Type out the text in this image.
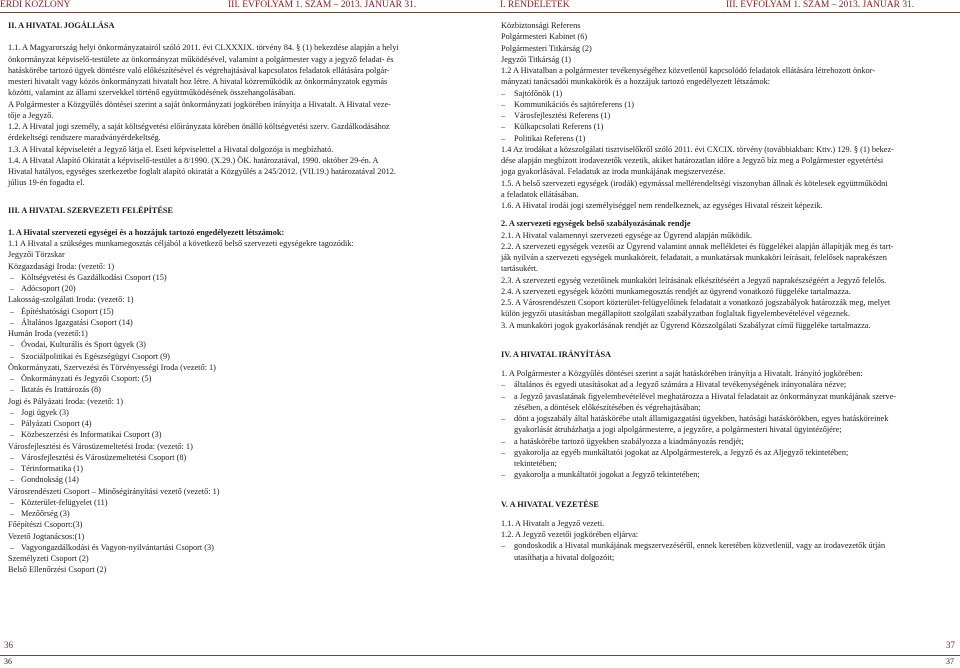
ÉRDI KÖZLÖNY	III. ÉVFOLYAM 1. SZÁM – 2013. JANUÁR 31.

II. A HIVATAL JOGÁLLÁSA

1.1. A Magyarország helyi önkormányzatairól szóló 2011. évi CLXXXIX. törvény 84. § (1) bekezdése alapján a helyi

önkormányzat képviselő-testülete az önkormányzat működésével, valamint a polgármester vagy a jegyző feladat- és

hatáskörébe tartozó ügyek döntésre való előkészítésével és végrehajtásával kapcsolatos feladatok ellátására polgár-

mesteri hivatalt vagy közös önkormányzati hivatalt hoz létre. A hivatal közreműködik az önkormányzatok egymás

közötti, valamint az állami szervekkel történő együttműködésének összehangolásában.

A Polgármester a Közgyűlés döntései szerint a saját önkormányzati jogkörében irányítja a Hivatalt. A Hivatal veze-

tője a Jegyző.

1.2. A Hivatal jogi személy, a saját költségvetési előirányzata körében önálló költségvetési szerv. Gazdálkodásához

érdekeltségi rendszere maradványérdekeltség.

1.3. A Hivatal képviseletét a Jegyző látja el. Eseti képviselettel a Hivatal dolgozója is megbízható.

1.4. A Hivatal Alapító Okiratát a képviselő-testület a 8/1990. (X.29.) ÖK. határozatával, 1990. október 29-én. A

Hivatal hatályos, egységes szerkezetbe foglalt alapító okiratát a Közgyűlés a 245/2012. (VII.19.) határozatával 2012.

július 19-én fogadta el.

III. A HIVATAL SZERVEZETI FELÉPÍTÉSE

1. A Hivatal szervezeti egységei és a hozzájuk tartozó engedélyezett létszámok:

1.1 A Hivatal a szükséges munkamegosztás céljából a következő belső szervezeti egységekre tagozódik:

Jegyzői Törzskar

Közgazdasági Iroda: (vezető: 1)

– Költségvetési és Gazdálkodási Csoport (15)

– Adócsoport (20)

Lakosság-szolgálati Iroda: (vezető: 1)

– Építéshatósági Csoport (15)

– Általános Igazgatási Csoport (14)

Humán Iroda (vezető:1)

– Óvodai, Kulturális és Sport ügyek (3)

– Szociálpolitikai és Egészségügyi Csoport (9)

Önkormányzati, Szervezési és Törvényességi Iroda (vezető: 1)

– Önkormányzati és Jegyzői Csoport: (5)

– Iktatás és Irattározás (8)

Jogi és Pályázati Iroda: (vezető: 1)

– Jogi ügyek (3)

– Pályázati Csoport (4)

– Közbeszerzési és Informatikai Csoport (3)

Városfejlesztési és Városüzemeltetési Iroda: (vezető: 1)

– Városfejlesztési és Városüzemeltetési Csoport (8)

– Térinformatika (1)

– Gondnokság (14)

Városrendészeti Csoport – Minőségirányítási vezető (vezető: 1)

– Közterület-felügyelet (11)

– Mezőőrség (3)

Főépítészi Csoport:(3)

Vezető Jogtanácsos:(1)

– Vagyongazdálkodási és Vagyon-nyilvántartási Csoport (3)

Személyzeti Csoport (2)

Belső Ellenőrzési Csoport (2)

36
36
I. RENDELETEK	III. ÉVFOLYAM 1. SZÁM – 2013. JANUÁR 31.

Közbiztonsági Referens

Polgármesteri Kabinet (6)

Polgármesteri Titkárság (2)

Jegyzői Titkárság (1)

1.2 A Hivatalban a polgármester tevékenységéhez közvetlenül kapcsolódó feladatok ellátására létrehozott önkor-

mányzati tanácsadói munkakörök és a hozzájuk tartozó engedélyezett létszámok:

– Sajtófőnök (1)

– Kommunikációs és sajtóreferens (1)

– Városfejlesztési Referens (1)

– Külkapcsolati Referens (1)

– Politikai Referens (1)

1.4 Az irodákat a közszolgálati tisztviselőkről szóló 2011. évi CXCIX. törvény (továbbiakban: Kttv.) 129. § (1) bekez-

dése alapján megbízott irodavezetők vezetik, akiket határozatlan időre a Jegyző bíz meg a Polgármester egyetértési

joga gyakorlásával. Feladatuk az iroda munkájának megszervezése.

1.5. A belső szervezeti egységek (irodák) egymással mellérendeltségi viszonyban állnak és kötelesek együttműködni

a feladatok ellátásában.

1.6. A Hivatal irodái jogi személyiséggel nem rendelkeznek, az egységes Hivatal részeit képezik.

2. A szervezeti egységek belső szabályozásának rendje

2.1. A Hivatal valamennyi szervezeti egysége az Ügyrend alapján működik.

2.2. A szervezeti egységek vezetői az Ügyrend valamint annak mellékletei és függelékei alapján állapítják meg és tart-

ják nyilván a szervezeti egységek munkaköreit, feladatait, a munkatársak munkaköri leírásait, felelősek naprakészen

tartásukért.

2.3. A szervezeti egység vezetőinek munkaköri leírásának elkészítéséért a Jegyző naprakészségéért a Jegyző felelős.

2.4. A szervezeti egységek közötti munkamegosztás rendjét az ügyrend vonatkozó függeléke tartalmazza.

2.5. A Városrendészeti Csoport közterület-felügyelőinek feladatait a vonatkozó jogszabályok határozzák meg, melyet

külön jegyzői utasításban megállapított szolgálati szabályzatban foglaltak figyelembevételével végeznek.

3. A munkaköri jogok gyakorlásának rendjét az Ügyrend Közszolgálati Szabályzat című függeléke tartalmazza.

IV. A HIVATAL IRÁNYÍTÁSA

1. A Polgármester a Közgyűlés döntései szerint a saját hatáskörében irányítja a Hivatalt. Irányító jogkörében:

– általános és egyedi utasításokat ad a Jegyző számára a Hivatal tevékenységének irányonalára nézve;

– a Jegyző javaslatának figyelembevételével meghatározza a Hivatal feladatait az önkormányzat munkájának szerve-

zésében, a döntések előkészítésében és végrehajtásában;

– dönt a jogszabály által hatáskörébe utalt államigazgatási ügyekben, hatósági hatáskörökben, egyes hatásköreinek

gyakorlását átruházhatja a jogi alpolgármesterre, a jegyzőre, a polgármesteri hivatal ügyintézőjére;

– a hatáskörébe tartozó ügyekben szabályozza a kiadmányozás rendjét;

– gyakorolja az egyéb munkáltatói jogokat az Alpolgármesterek, a Jegyző és az Aljegyző tekintetében;

tekintetében;

– gyakorolja a munkáltatói jogokat a Jegyző tekintetében;

V. A HIVATAL VEZETÉSE

1.1. A Hivatalt a Jegyző vezeti.

1.2. A Jegyző vezetői jogkörében eljárva:

– gondoskodik a Hivatal munkájának megszervezéséről, ennek keretében közvetlenül, vagy az irodavezetők útján

utasíthatja a hivatal dolgozóit;

37
37
